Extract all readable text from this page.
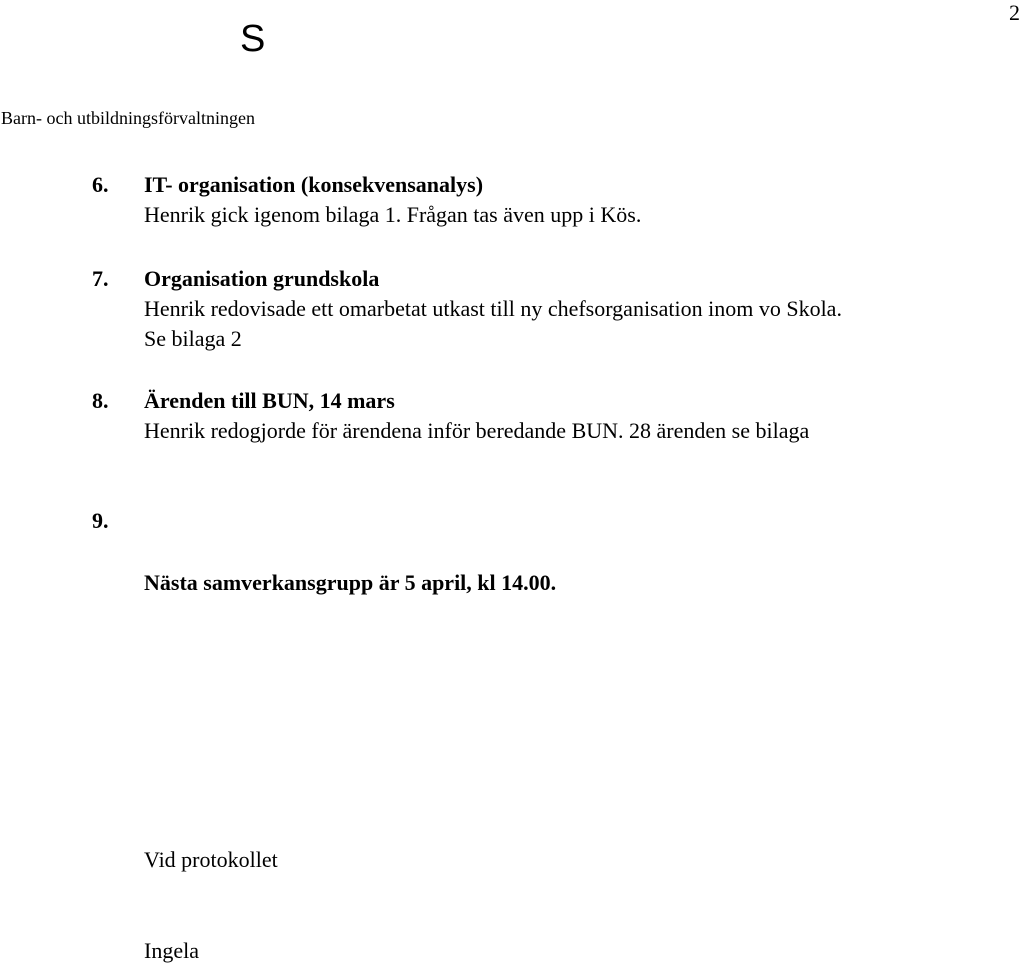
S
2
Barn- och utbildningsförvaltningen
6. IT- organisation (konsekvensanalys)
Henrik gick igenom bilaga 1. Frågan tas även upp i Kös.
7. Organisation grundskola
Henrik redovisade ett omarbetat utkast till ny chefsorganisation inom vo Skola.
Se bilaga 2
8. Ärenden till BUN, 14 mars
Henrik redogjorde för ärendena inför beredande BUN. 28 ärenden se bilaga
9.
Nästa samverkansgrupp är 5 april, kl 14.00.
Vid protokollet
Ingela
